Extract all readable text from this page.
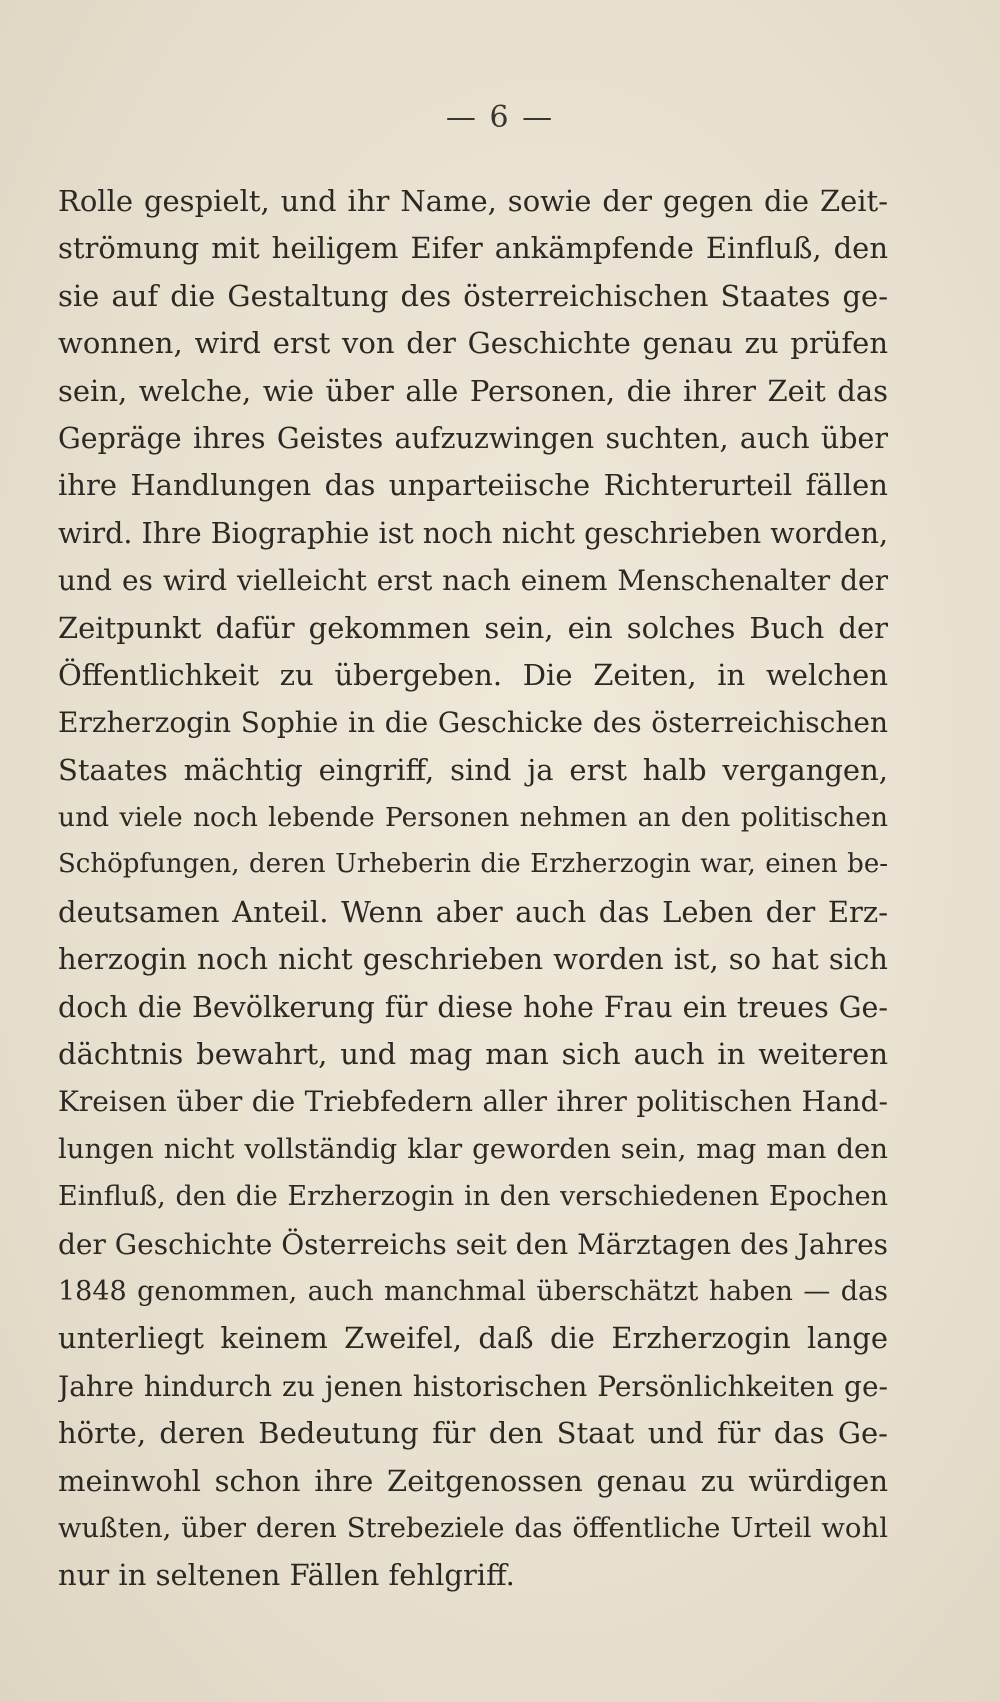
— 6 —
Rolle gespielt, und ihr Name, sowie der gegen die Zeit-
strömung mit heiligem Eifer ankämpfende Einfluß, den
sie auf die Gestaltung des österreichischen Staates ge-
wonnen, wird erst von der Geschichte genau zu prüfen
sein, welche, wie über alle Personen, die ihrer Zeit das
Gepräge ihres Geistes aufzuzwingen suchten, auch über
ihre Handlungen das unparteiische Richterurteil fällen
wird. Ihre Biographie ist noch nicht geschrieben worden,
und es wird vielleicht erst nach einem Menschenalter der
Zeitpunkt dafür gekommen sein, ein solches Buch der
Öffentlichkeit zu übergeben. Die Zeiten, in welchen
Erzherzogin Sophie in die Geschicke des österreichischen
Staates mächtig eingriff, sind ja erst halb vergangen,
und viele noch lebende Personen nehmen an den politischen
Schöpfungen, deren Urheberin die Erzherzogin war, einen be-
deutsamen Anteil. Wenn aber auch das Leben der Erz-
herzogin noch nicht geschrieben worden ist, so hat sich
doch die Bevölkerung für diese hohe Frau ein treues Ge-
dächtnis bewahrt, und mag man sich auch in weiteren
Kreisen über die Triebfedern aller ihrer politischen Hand-
lungen nicht vollständig klar geworden sein, mag man den
Einfluß, den die Erzherzogin in den verschiedenen Epochen
der Geschichte Österreichs seit den Märztagen des Jahres
1848 genommen, auch manchmal überschätzt haben — das
unterliegt keinem Zweifel, daß die Erzherzogin lange
Jahre hindurch zu jenen historischen Persönlichkeiten ge-
hörte, deren Bedeutung für den Staat und für das Ge-
meinwohl schon ihre Zeitgenossen genau zu würdigen
wußten, über deren Strebeziele das öffentliche Urteil wohl
nur in seltenen Fällen fehlgriff.
